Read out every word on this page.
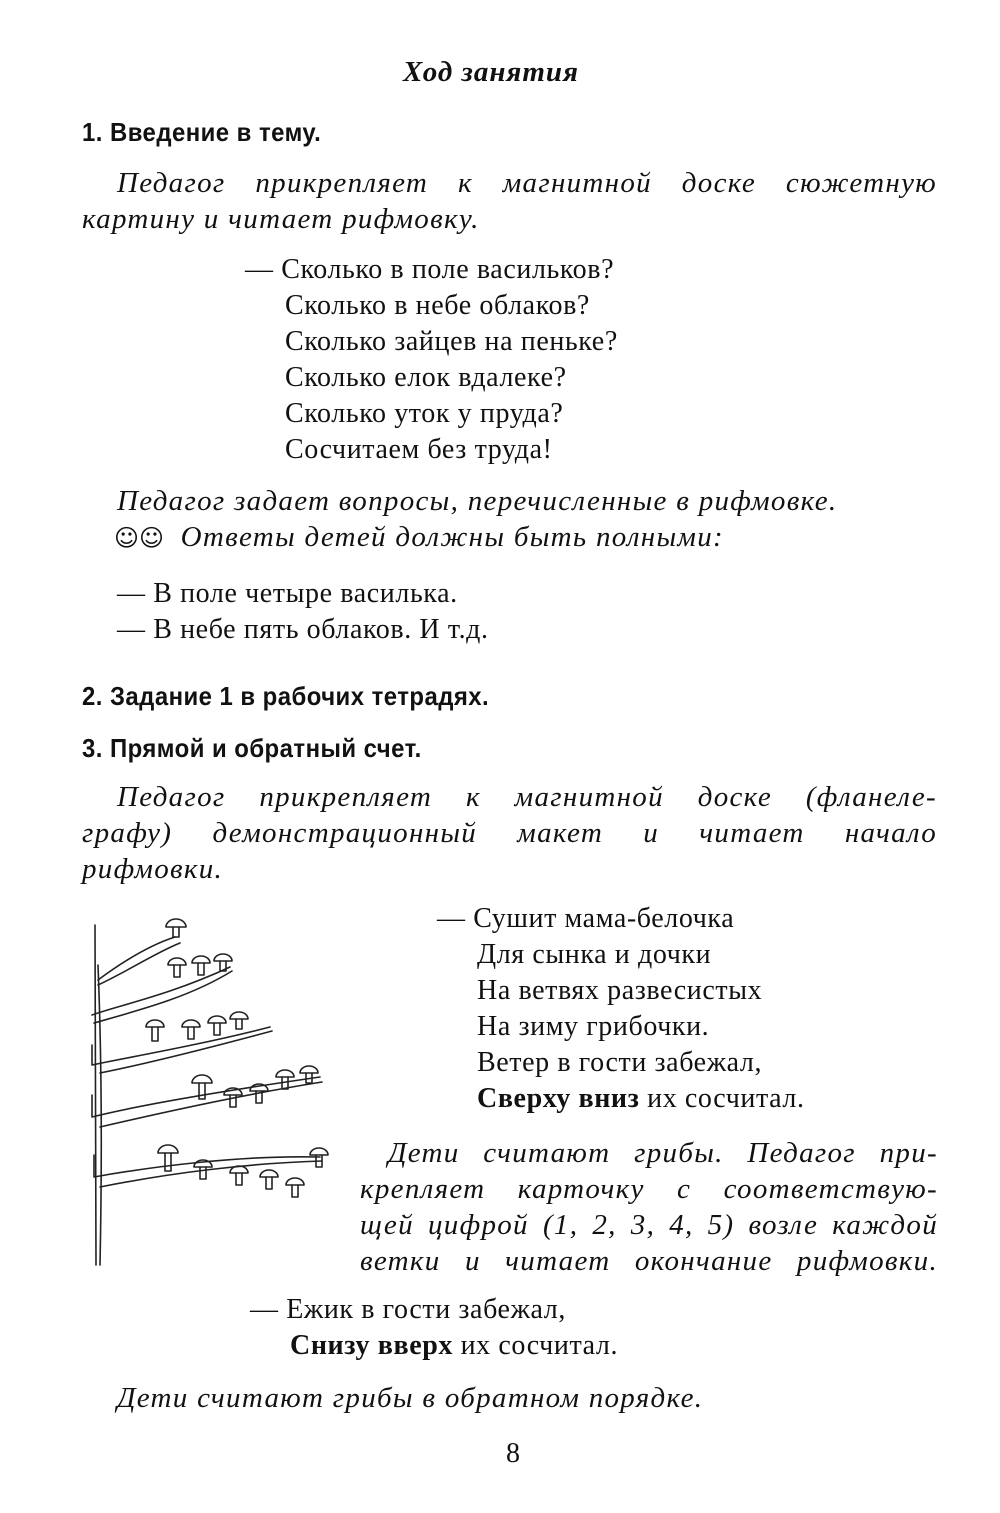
Ход занятия
1. Введение в тему.
Педагог прикрепляет к магнитной доске сюжетную
картину и читает рифмовку.
— Сколько в поле васильков?
Сколько в небе облаков?
Сколько зайцев на пеньке?
Сколько елок вдалеке?
Сколько уток у пруда?
Сосчитаем без труда!
Педагог задает вопросы, перечисленные в рифмовке.
☺☺ Ответы детей должны быть полными:
— В поле четыре василька.
— В небе пять облаков. И т.д.
2. Задание 1 в рабочих тетрадях.
3. Прямой и обратный счет.
Педагог прикрепляет к магнитной доске (фланеле-
графу) демонстрационный макет и читает начало
рифмовки.
— Сушит мама-белочка
Для сынка и дочки
На ветвях развесистых
На зиму грибочки.
Ветер в гости забежал,
Сверху вниз их сосчитал.
Дети считают грибы. Педагог при-
крепляет карточку с соответствую-
щей цифрой (1, 2, 3, 4, 5) возле каждой
ветки и читает окончание рифмовки.
— Ежик в гости забежал,
Снизу вверх их сосчитал.
Дети считают грибы в обратном порядке.
8
